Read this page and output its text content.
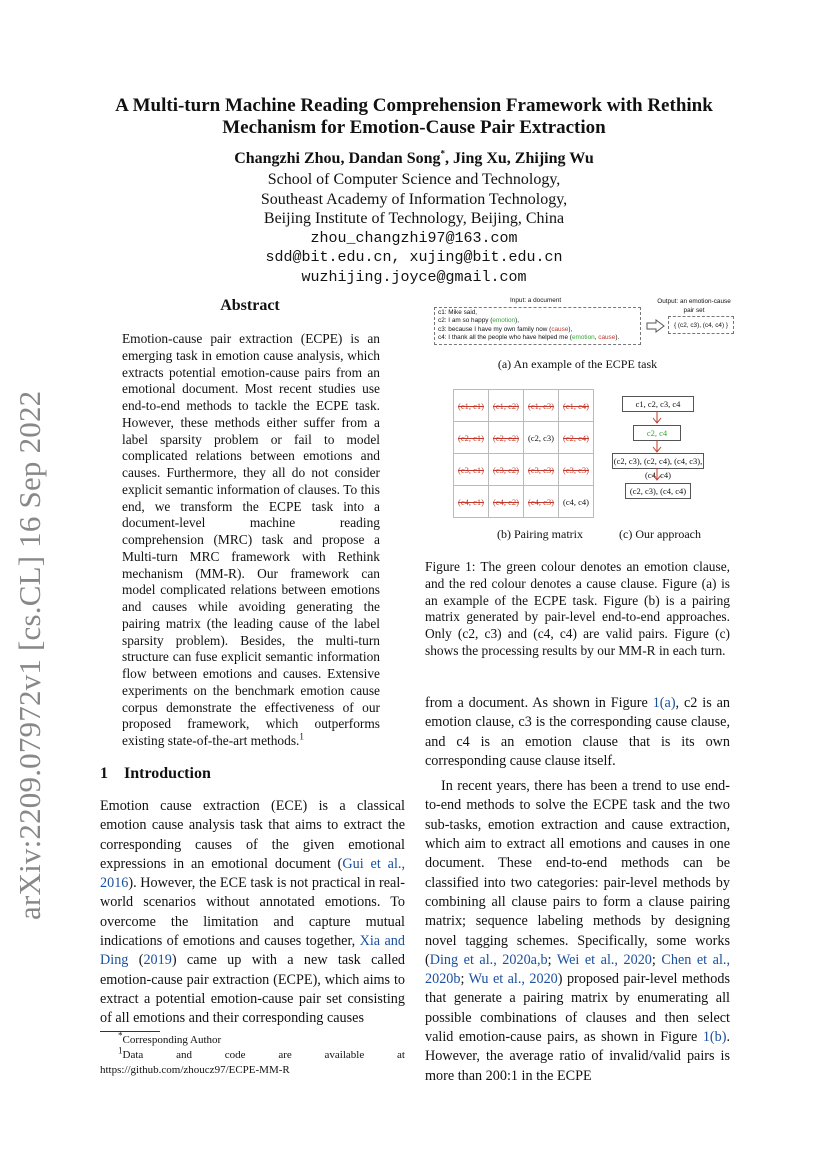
arXiv:2209.07972v1 [cs.CL] 16 Sep 2022
A Multi-turn Machine Reading Comprehension Framework with Rethink
Mechanism for Emotion-Cause Pair Extraction
Changzhi Zhou, Dandan Song*, Jing Xu, Zhijing Wu
School of Computer Science and Technology,
Southeast Academy of Information Technology,
Beijing Institute of Technology, Beijing, China
zhou_changzhi97@163.com
sdd@bit.edu.cn, xujing@bit.edu.cn
wuzhijing.joyce@gmail.com
Abstract
Emotion-cause pair extraction (ECPE) is an emerging task in emotion cause analysis, which extracts potential emotion-cause pairs from an emotional document. Most recent studies use end-to-end methods to tackle the ECPE task. However, these methods either suffer from a label sparsity problem or fail to model complicated relations between emotions and causes. Furthermore, they all do not consider explicit semantic information of clauses. To this end, we transform the ECPE task into a document-level machine reading comprehension (MRC) task and propose a Multi-turn MRC framework with Rethink mechanism (MM-R). Our framework can model complicated relations between emotions and causes while avoiding generating the pairing matrix (the leading cause of the label sparsity problem). Besides, the multi-turn structure can fuse explicit semantic information flow between emotions and causes. Extensive experiments on the benchmark emotion cause corpus demonstrate the effectiveness of our proposed framework, which outperforms existing state-of-the-art methods.$^1$
Input: a document	Output: an emotion-cause pair set
c1: Mike said,
c2: I am so happy (emotion),
c3: because I have my own family now (cause),
c4: I thank all the people who have helped me (emotion, cause).
{ (c2, c3), (c4, c4) }
(a) An example of the ECPE task
(c1, c1)	(c1, c2)	(c1, c3)	(c1, c4)
(c2, c1)	(c2, c2)	(c2, c3)	(c2, c4)
(c3, c1)	(c3, c2)	(c3, c3)	(c3, c3)
(c4, c1)	(c4, c2)	(c4, c3)	(c4, c4)
c1, c2, c3, c4
c2, c4
(c2, c3), (c2, c4), (c4, c3), (c4, c4)
(c2, c3), (c4, c4)
(b) Pairing matrix	(c) Our approach
Figure 1: The green colour denotes an emotion clause, and the red colour denotes a cause clause. Figure (a) is an example of the ECPE task. Figure (b) is a pairing matrix generated by pair-level end-to-end approaches. Only (c2, c3) and (c4, c4) are valid pairs. Figure (c) shows the processing results by our MM-R in each turn.
1 Introduction

Emotion cause extraction (ECE) is a classical emotion cause analysis task that aims to extract the corresponding causes of the given emotional expressions in an emotional document (Gui et al., 2016). However, the ECE task is not practical in real-world scenarios without annotated emotions. To overcome the limitation and capture mutual indications of emotions and causes together, Xia and Ding (2019) came up with a new task called emotion-cause pair extraction (ECPE), which aims to extract a potential emotion-cause pair set consisting of all emotions and their corresponding causes

*Corresponding Author
$^1$Data	and	code	are	available	at
https://github.com/zhoucz97/ECPE-MM-R

from a document. As shown in Figure 1(a), c2 is an emotion clause, c3 is the corresponding cause clause, and c4 is an emotion clause that is its own corresponding cause clause itself.

In recent years, there has been a trend to use end-to-end methods to solve the ECPE task and the two sub-tasks, emotion extraction and cause extraction, which aim to extract all emotions and causes in one document. These end-to-end methods can be classified into two categories: pair-level methods by combining all clause pairs to form a clause pairing matrix; sequence labeling methods by designing novel tagging schemes. Specifically, some works (Ding et al., 2020a,b; Wei et al., 2020; Chen et al., 2020b; Wu et al., 2020) proposed pair-level methods that generate a pairing matrix by enumerating all possible combinations of clauses and then select valid emotion-cause pairs, as shown in Figure 1(b). However, the average ratio of invalid/valid pairs is more than 200:1 in the ECPE
